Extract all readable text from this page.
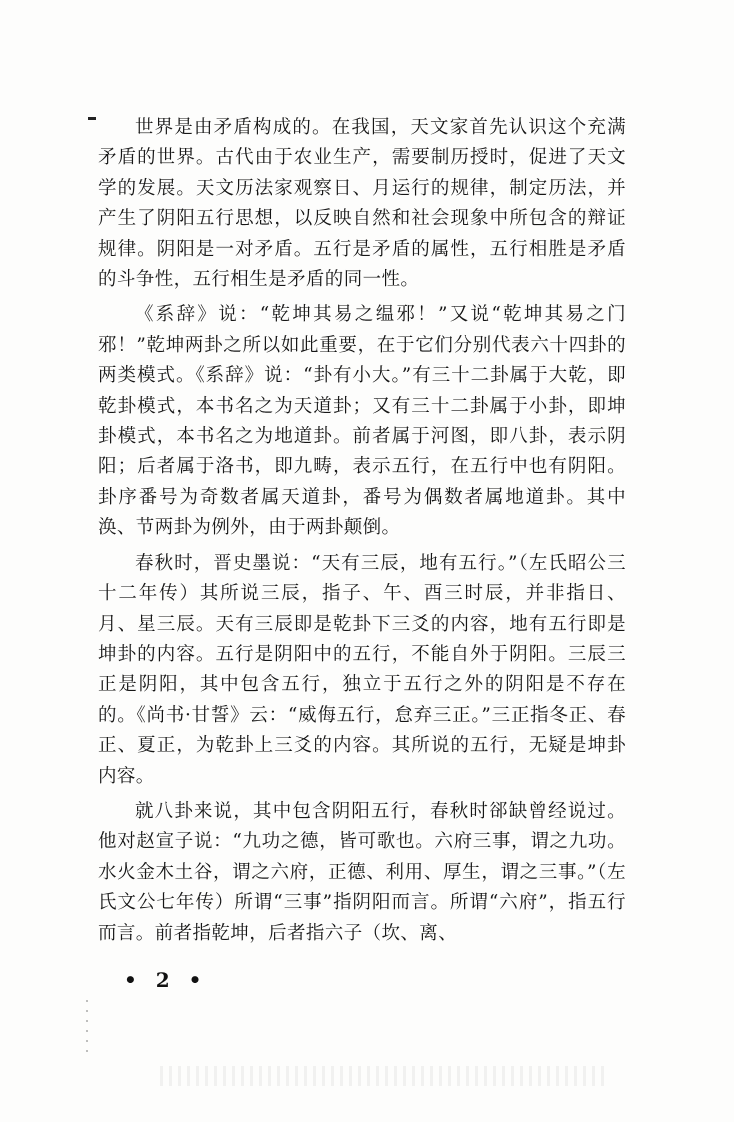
世界是由矛盾构成的。在我国，天文家首先认识这个充满矛盾的世界。古代由于农业生产，需要制历授时，促进了天文学的发展。天文历法家观察日、月运行的规律，制定历法，并产生了阴阳五行思想，以反映自然和社会现象中所包含的辩证规律。阴阳是一对矛盾。五行是矛盾的属性，五行相胜是矛盾的斗争性，五行相生是矛盾的同一性。

《系辞》说：“乾坤其易之缊邪！”又说“乾坤其易之门邪！”乾坤两卦之所以如此重要，在于它们分别代表六十四卦的两类模式。《系辞》说：“卦有小大。”有三十二卦属于大乾，即乾卦模式，本书名之为天道卦；又有三十二卦属于小卦，即坤卦模式，本书名之为地道卦。前者属于河图，即八卦，表示阴阳；后者属于洛书，即九畴，表示五行，在五行中也有阴阳。卦序番号为奇数者属天道卦，番号为偶数者属地道卦。其中涣、节两卦为例外，由于两卦颠倒。

春秋时，晋史墨说：“天有三辰，地有五行。”（左氏昭公三十二年传）其所说三辰，指子、午、酉三时辰，并非指日、月、星三辰。天有三辰即是乾卦下三爻的内容，地有五行即是坤卦的内容。五行是阴阳中的五行，不能自外于阴阳。三辰三正是阴阳，其中包含五行，独立于五行之外的阴阳是不存在的。《尚书·甘誓》云：“威侮五行，怠弃三正。”三正指冬正、春正、夏正，为乾卦上三爻的内容。其所说的五行，无疑是坤卦内容。

就八卦来说，其中包含阴阳五行，春秋时郤缺曾经说过。他对赵宣子说：“九功之德，皆可歌也。六府三事，谓之九功。水火金木土谷，谓之六府，正德、利用、厚生，谓之三事。”（左氏文公七年传）所谓“三事”指阴阳而言。所谓“六府”，指五行而言。前者指乾坤，后者指六子（坎、离、

• 2 •
